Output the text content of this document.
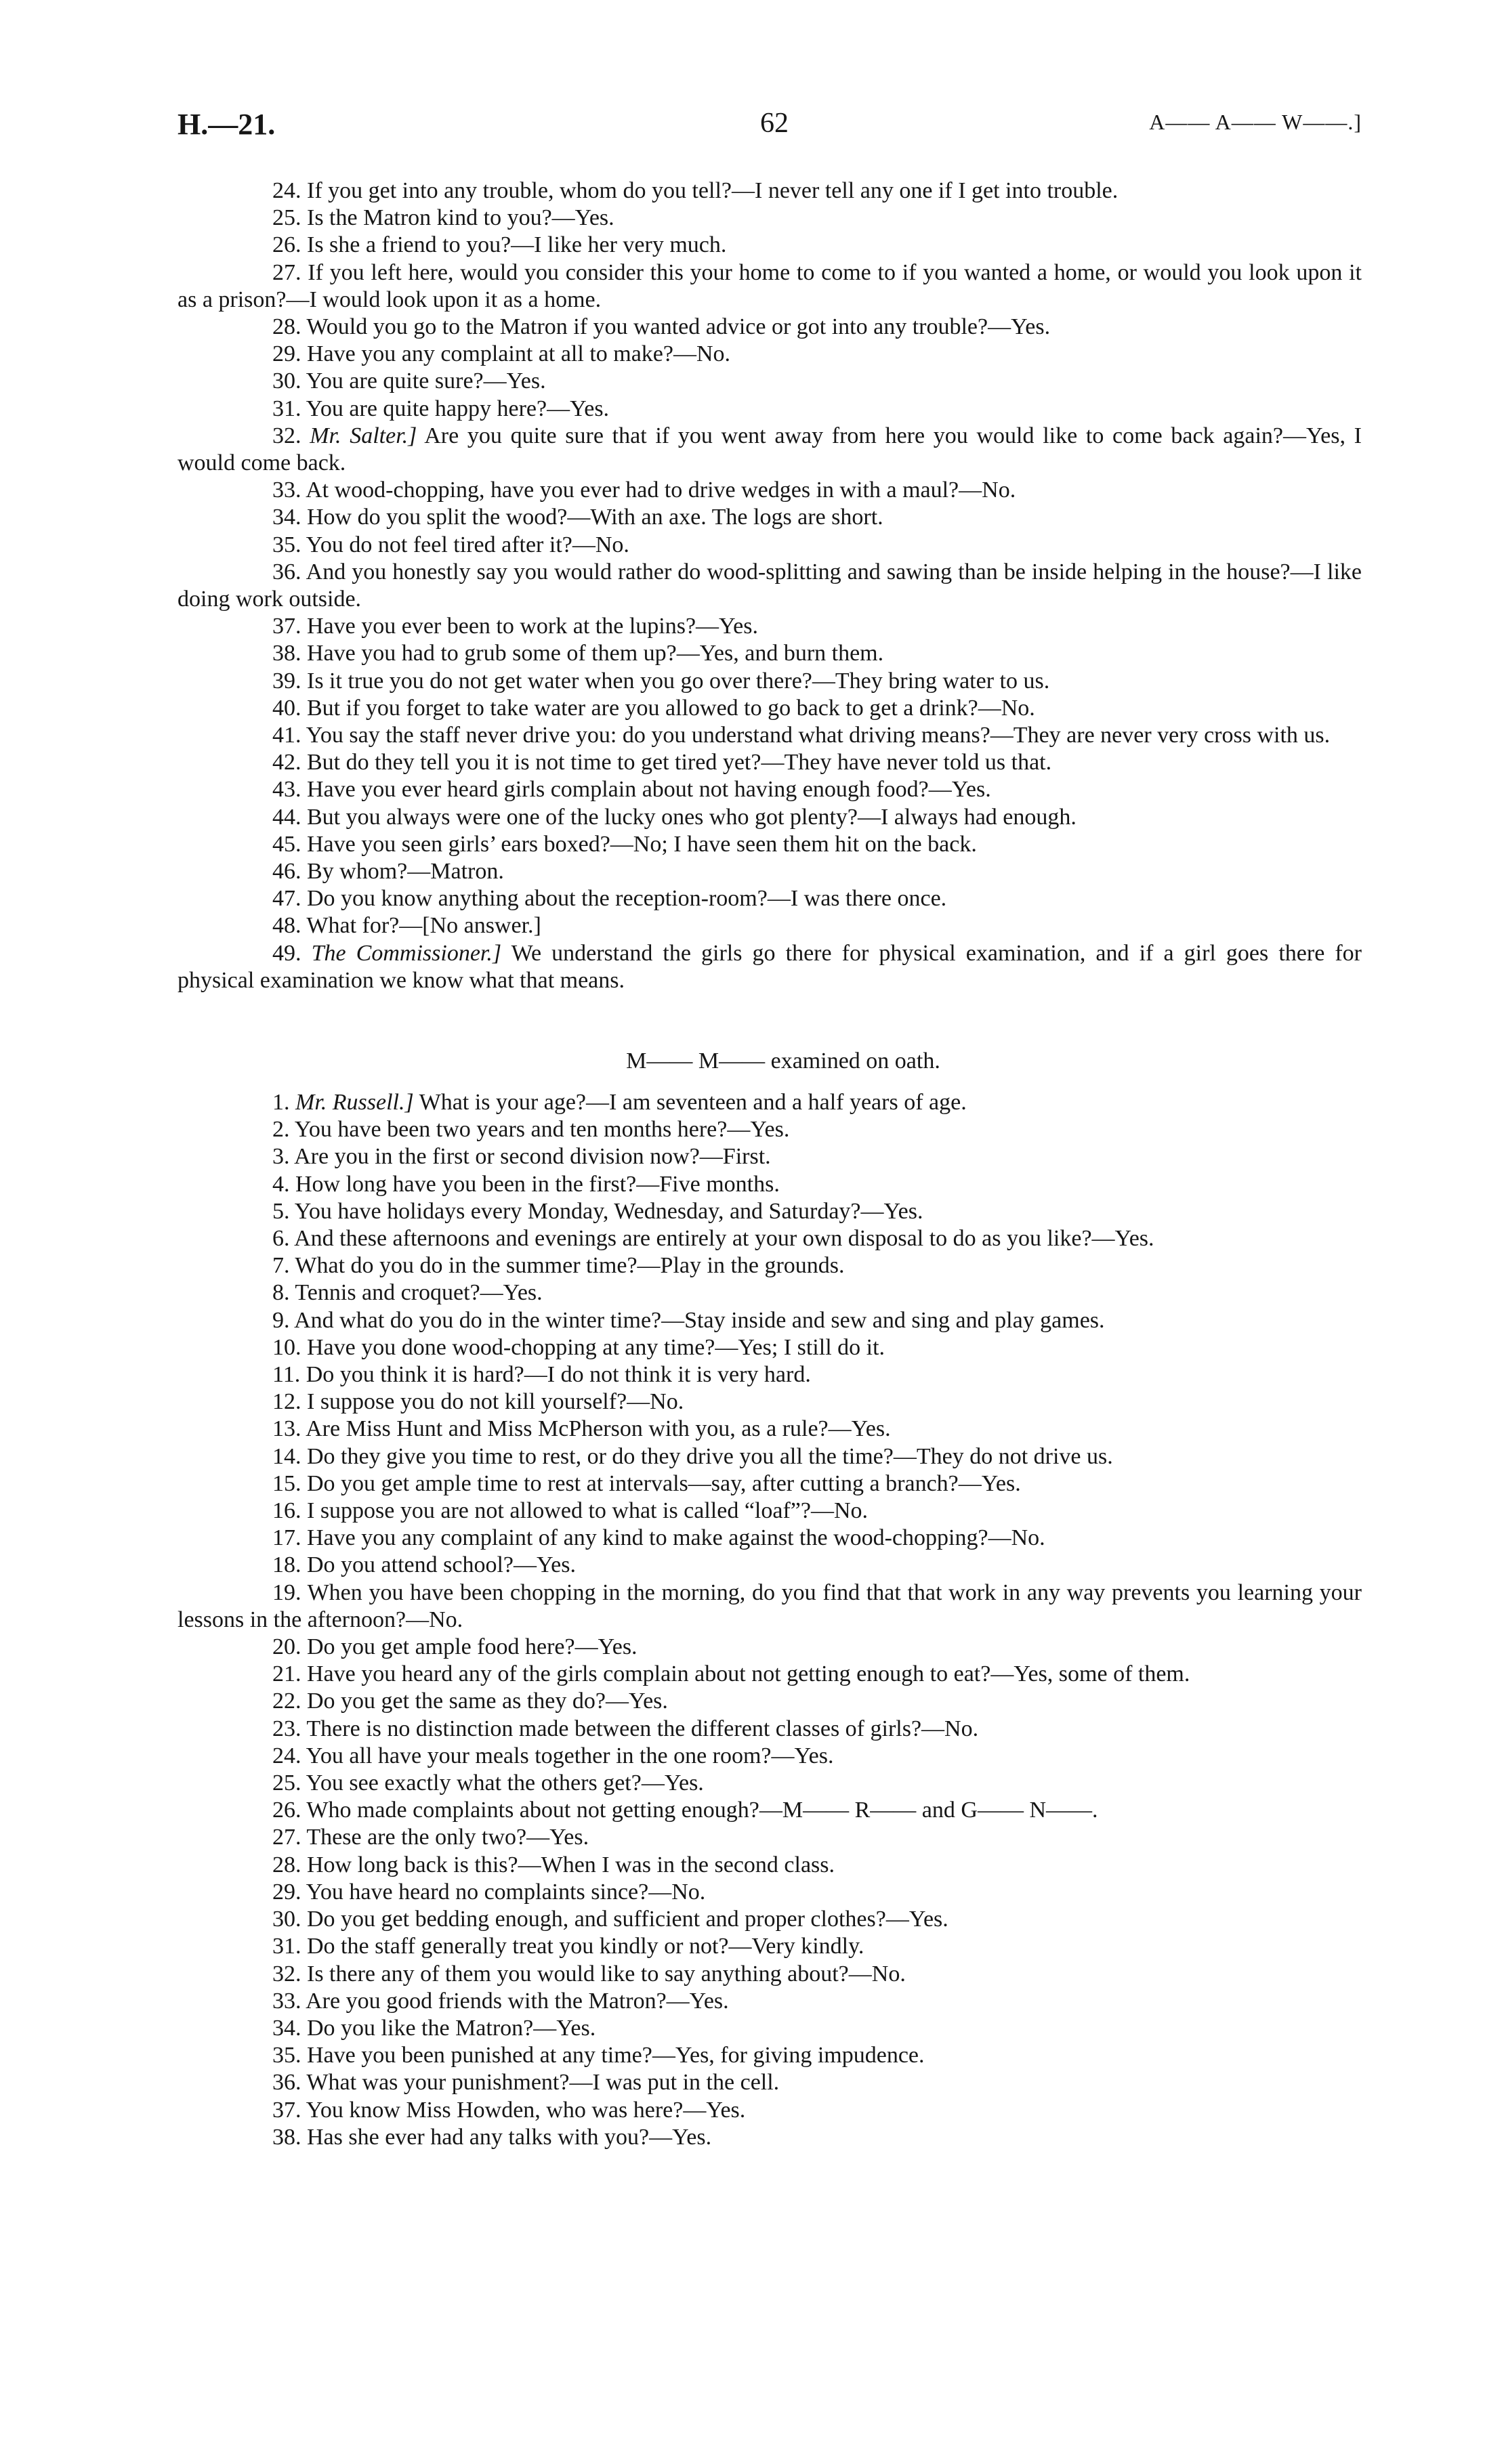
H.—21.	62	A—— A—— W——.]

24. If you get into any trouble, whom do you tell?—I never tell any one if I get into trouble.

25. Is the Matron kind to you?—Yes.

26. Is she a friend to you?—I like her very much.

27. If you left here, would you consider this your home to come to if you wanted a home, or would you look upon it as a prison?—I would look upon it as a home.

28. Would you go to the Matron if you wanted advice or got into any trouble?—Yes.

29. Have you any complaint at all to make?—No.

30. You are quite sure?—Yes.

31. You are quite happy here?—Yes.

32. Mr. Salter.] Are you quite sure that if you went away from here you would like to come back again?—Yes, I would come back.

33. At wood-chopping, have you ever had to drive wedges in with a maul?—No.

34. How do you split the wood?—With an axe. The logs are short.

35. You do not feel tired after it?—No.

36. And you honestly say you would rather do wood-splitting and sawing than be inside helping in the house?—I like doing work outside.

37. Have you ever been to work at the lupins?—Yes.

38. Have you had to grub some of them up?—Yes, and burn them.

39. Is it true you do not get water when you go over there?—They bring water to us.

40. But if you forget to take water are you allowed to go back to get a drink?—No.

41. You say the staff never drive you: do you understand what driving means?—They are never very cross with us.

42. But do they tell you it is not time to get tired yet?—They have never told us that.

43. Have you ever heard girls complain about not having enough food?—Yes.

44. But you always were one of the lucky ones who got plenty?—I always had enough.

45. Have you seen girls’ ears boxed?—No; I have seen them hit on the back.

46. By whom?—Matron.

47. Do you know anything about the reception-room?—I was there once.

48. What for?—[No answer.]

49. The Commissioner.] We understand the girls go there for physical examination, and if a girl goes there for physical examination we know what that means.

M—— M—— examined on oath.

1. Mr. Russell.] What is your age?—I am seventeen and a half years of age.

2. You have been two years and ten months here?—Yes.

3. Are you in the first or second division now?—First.

4. How long have you been in the first?—Five months.

5. You have holidays every Monday, Wednesday, and Saturday?—Yes.

6. And these afternoons and evenings are entirely at your own disposal to do as you like?—Yes.

7. What do you do in the summer time?—Play in the grounds.

8. Tennis and croquet?—Yes.

9. And what do you do in the winter time?—Stay inside and sew and sing and play games.

10. Have you done wood-chopping at any time?—Yes; I still do it.

11. Do you think it is hard?—I do not think it is very hard.

12. I suppose you do not kill yourself?—No.

13. Are Miss Hunt and Miss McPherson with you, as a rule?—Yes.

14. Do they give you time to rest, or do they drive you all the time?—They do not drive us.

15. Do you get ample time to rest at intervals—say, after cutting a branch?—Yes.

16. I suppose you are not allowed to what is called “loaf”?—No.

17. Have you any complaint of any kind to make against the wood-chopping?—No.

18. Do you attend school?—Yes.

19. When you have been chopping in the morning, do you find that that work in any way prevents you learning your lessons in the afternoon?—No.

20. Do you get ample food here?—Yes.

21. Have you heard any of the girls complain about not getting enough to eat?—Yes, some of them.

22. Do you get the same as they do?—Yes.

23. There is no distinction made between the different classes of girls?—No.

24. You all have your meals together in the one room?—Yes.

25. You see exactly what the others get?—Yes.

26. Who made complaints about not getting enough?—M—— R—— and G—— N——.

27. These are the only two?—Yes.

28. How long back is this?—When I was in the second class.

29. You have heard no complaints since?—No.

30. Do you get bedding enough, and sufficient and proper clothes?—Yes.

31. Do the staff generally treat you kindly or not?—Very kindly.

32. Is there any of them you would like to say anything about?—No.

33. Are you good friends with the Matron?—Yes.

34. Do you like the Matron?—Yes.

35. Have you been punished at any time?—Yes, for giving impudence.

36. What was your punishment?—I was put in the cell.

37. You know Miss Howden, who was here?—Yes.

38. Has she ever had any talks with you?—Yes.
